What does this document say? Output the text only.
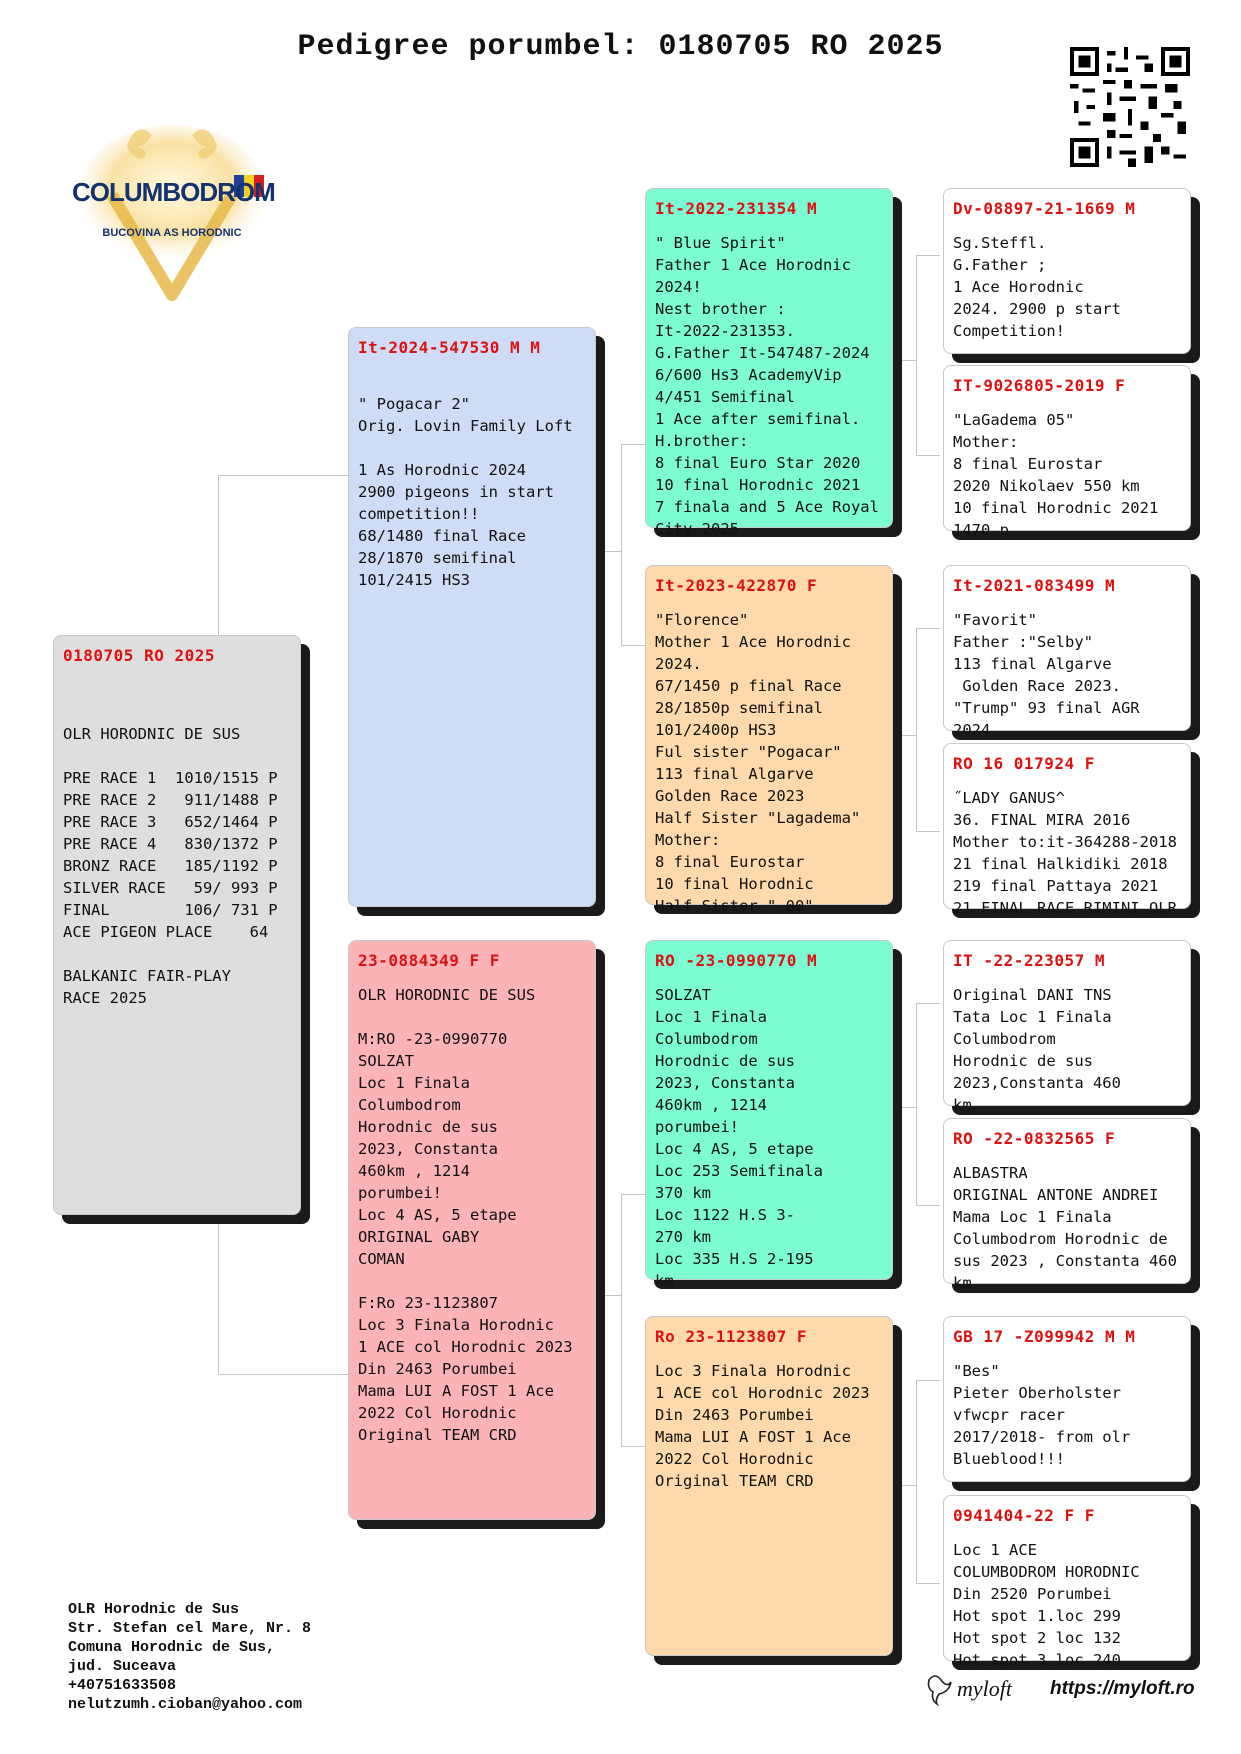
Pedigree porumbel: 0180705 RO 2025
COLUMBODROM
BUCOVINA AS HORODNIC
0180705 RO 2025

OLR HORODNIC DE SUS

PRE RACE 1  1010/1515 P
PRE RACE 2   911/1488 P
PRE RACE 3   652/1464 P
PRE RACE 4   830/1372 P
BRONZ RACE   185/1192 P
SILVER RACE   59/ 993 P
FINAL        106/ 731 P
ACE PIGEON PLACE    64

BALKANIC FAIR-PLAY
RACE 2025
It-2024-547530 M M

" Pogacar 2"
Orig. Lovin Family Loft

1 As Horodnic 2024
2900 pigeons in start
competition!!
68/1480 final Race
28/1870 semifinal
101/2415 HS3
23-0884349 F F
OLR HORODNIC DE SUS

M:RO -23-0990770
SOLZAT
Loc 1 Finala
Columbodrom
Horodnic de sus
2023, Constanta
460km , 1214
porumbei!
Loc 4 AS, 5 etape
ORIGINAL GABY
COMAN

F:Ro 23-1123807
Loc 3 Finala Horodnic
1 ACE col Horodnic 2023
Din 2463 Porumbei
Mama LUI A FOST 1 Ace
2022 Col Horodnic
Original TEAM CRD
It-2022-231354 M
" Blue Spirit"
Father 1 Ace Horodnic
2024!
Nest brother :
It-2022-231353.
G.Father It-547487-2024
6/600 Hs3 AcademyVip
4/451 Semifinal
1 Ace after semifinal.
H.brother:
8 final Euro Star 2020
10 final Horodnic 2021
7 finala and 5 Ace Royal
City 2025
It-2023-422870 F
"Florence"
Mother 1 Ace Horodnic
2024.
67/1450 p final Race
28/1850p semifinal
101/2400p HS3
Ful sister "Pogacar"
113 final Algarve
Golden Race 2023
Half Sister "Lagadema"
Mother:
8 final Eurostar
10 final Horodnic
Half Sister " 00"
RO -23-0990770 M
SOLZAT
Loc 1 Finala
Columbodrom
Horodnic de sus
2023, Constanta
460km , 1214
porumbei!
Loc 4 AS, 5 etape
Loc 253 Semifinala
370 km
Loc 1122 H.S 3-
270 km
Loc 335 H.S 2-195
km
Ro 23-1123807 F
Loc 3 Finala Horodnic
1 ACE col Horodnic 2023
Din 2463 Porumbei
Mama LUI A FOST 1 Ace
2022 Col Horodnic
Original TEAM CRD
Dv-08897-21-1669 M
Sg.Steffl.
G.Father ;
1 Ace Horodnic
2024. 2900 p start
Competition!
IT-9026805-2019 F
"LaGadema 05"
Mother:
8 final Eurostar
2020 Nikolaev 550 km
10 final Horodnic 2021
1470 p
It-2021-083499 M
"Favorit"
Father :"Selby"
113 final Algarve
Golden Race 2023.
"Trump" 93 final AGR
2024
RO 16 017924 F
˝LADY GANUS^
36. FINAL MIRA 2016
Mother to:it-364288-2018
21 final Halkidiki 2018
219 final Pattaya 2021
21 FINAL RACE RIMINI OLR
IT -22-223057 M
Original DANI TNS
Tata Loc 1 Finala
Columbodrom
Horodnic de sus
2023,Constanta 460
km
RO -22-0832565 F
ALBASTRA
ORIGINAL ANTONE ANDREI
Mama Loc 1 Finala
Columbodrom Horodnic de
sus 2023 , Constanta 460
km
GB 17 -Z099942 M M
"Bes"
Pieter Oberholster
vfwcpr racer
2017/2018- from olr
Blueblood!!!
0941404-22 F F
Loc 1 ACE
COLUMBODROM HORODNIC
Din 2520 Porumbei
Hot spot 1.loc 299
Hot spot 2 loc 132
Hot spot 3 loc 240
OLR Horodnic de Sus
Str. Stefan cel Mare, Nr. 8
Comuna Horodnic de Sus,
jud. Suceava
+40751633508
nelutzumh.cioban@yahoo.com
myloft https://myloft.ro
